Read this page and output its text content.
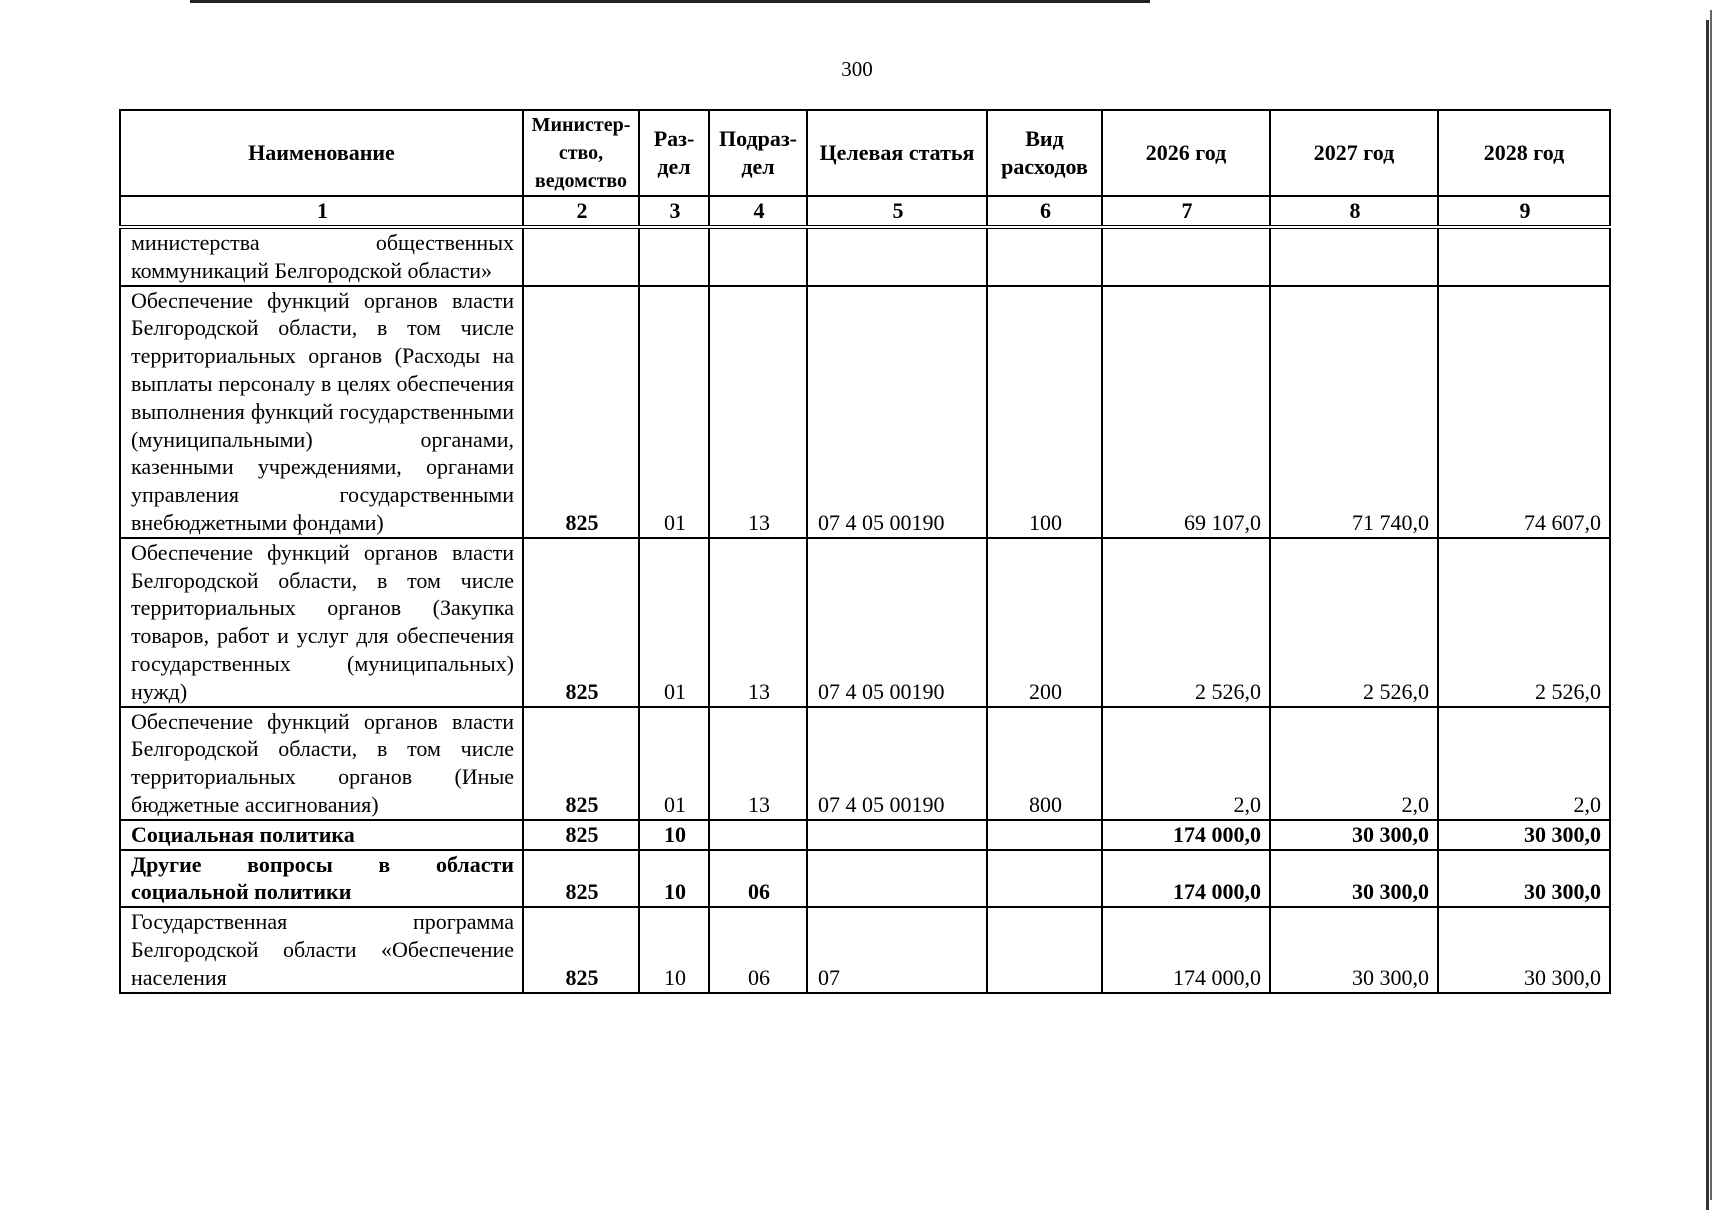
300
Наименование	Министер-ство, ведомство	Раз-дел	Подраз-дел	Целевая статья	Вид расходов	2026 год	2027 год	2028 год
1	2	3	4	5	6	7	8	9
министерства общественных коммуникаций Белгородской области»								
Обеспечение функций органов власти Белгородской области, в том числе территориальных органов (Расходы на выплаты персоналу в целях обеспечения выполнения функций государственными (муниципальными) органами, казенными учреждениями, органами управления государственными внебюджетными фондами)	825	01	13	07 4 05 00190	100	69 107,0	71 740,0	74 607,0
Обеспечение функций органов власти Белгородской области, в том числе территориальных органов (Закупка товаров, работ и услуг для обеспечения государственных (муниципальных) нужд)	825	01	13	07 4 05 00190	200	2 526,0	2 526,0	2 526,0
Обеспечение функций органов власти Белгородской области, в том числе территориальных органов (Иные бюджетные ассигнования)	825	01	13	07 4 05 00190	800	2,0	2,0	2,0
Социальная политика	825	10				174 000,0	30 300,0	30 300,0
Другие вопросы в области социальной политики	825	10	06			174 000,0	30 300,0	30 300,0
Государственная программа Белгородской области «Обеспечение населения	825	10	06	07		174 000,0	30 300,0	30 300,0
